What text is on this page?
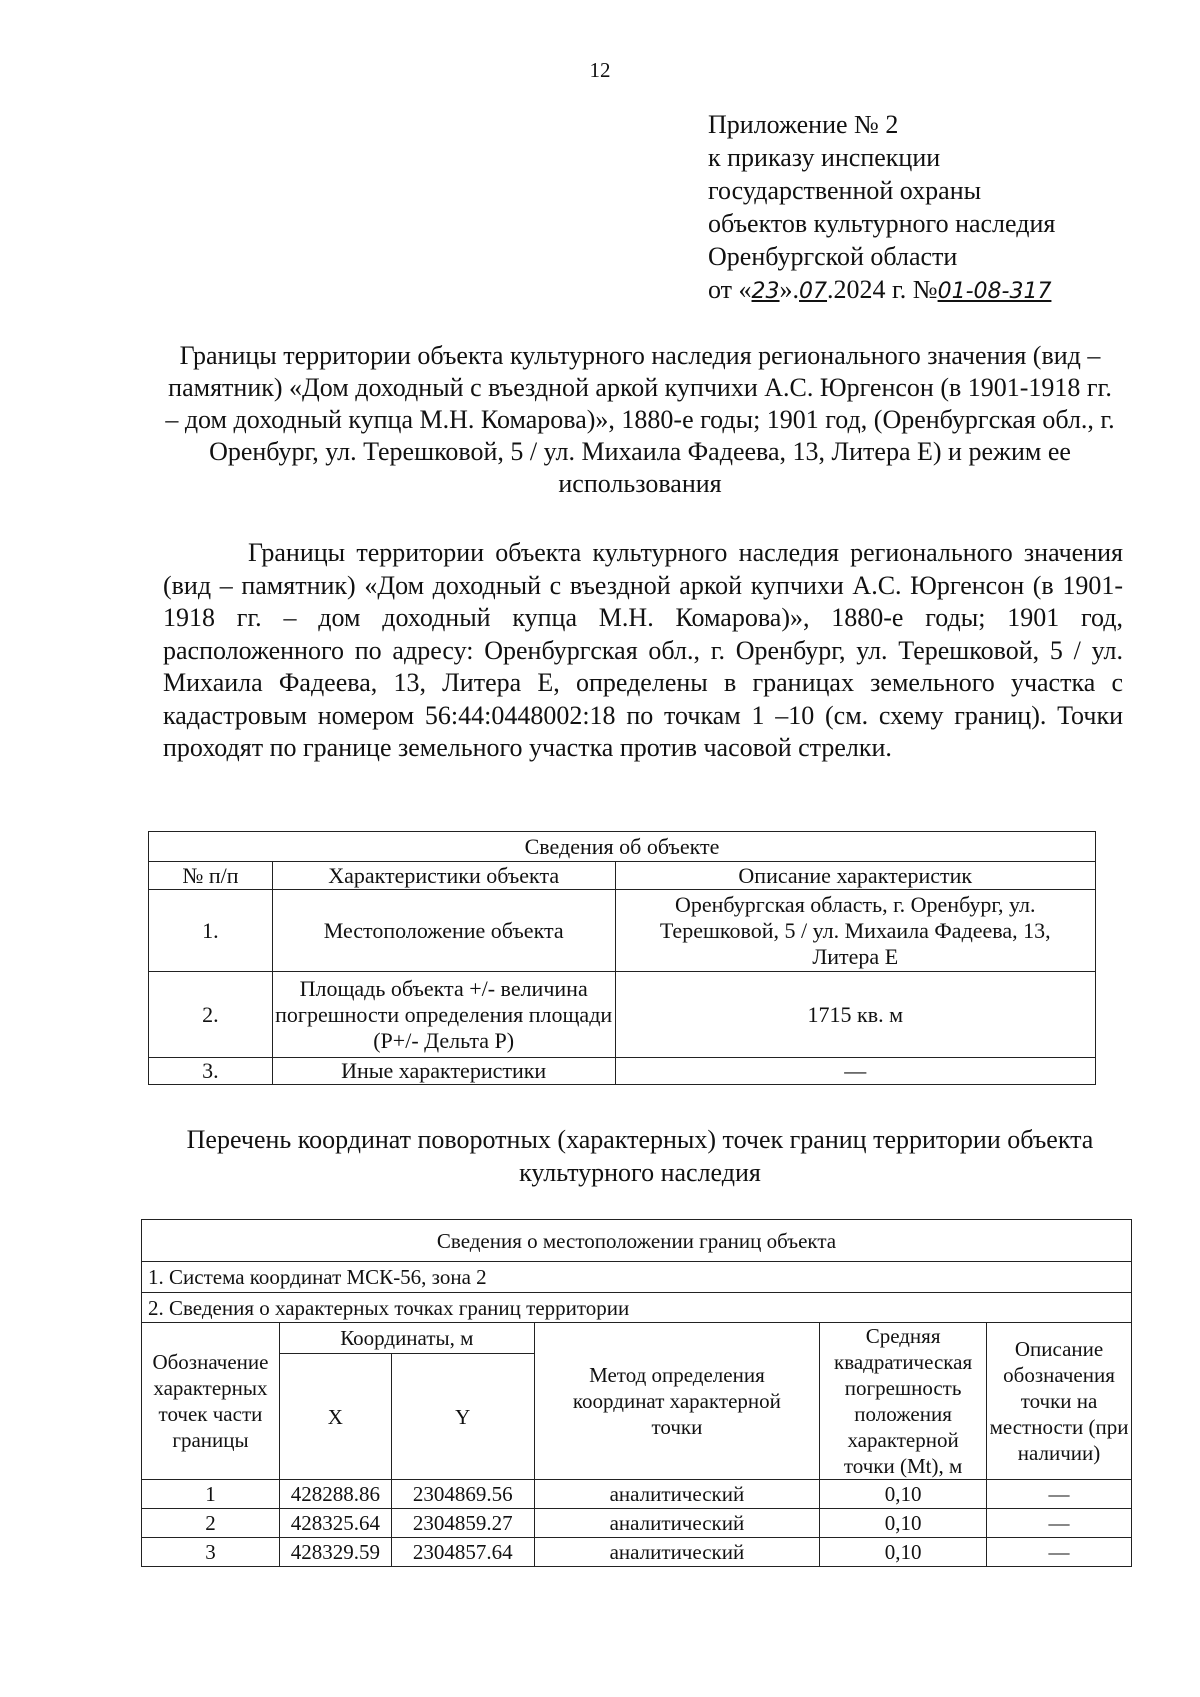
12
Приложение № 2
к приказу инспекции
государственной охраны
объектов культурного наследия
Оренбургской области
от «23».07.2024 г. №01-08-317
Границы территории объекта культурного наследия регионального значения (вид – памятник) «Дом доходный с въездной аркой купчихи А.С. Юргенсон (в 1901-1918 гг. – дом доходный купца М.Н. Комарова)», 1880-е годы; 1901 год, (Оренбургская обл., г. Оренбург, ул. Терешковой, 5 / ул. Михаила Фадеева, 13, Литера Е) и режим ее использования
Границы территории объекта культурного наследия регионального значения (вид – памятник) «Дом доходный с въездной аркой купчихи А.С. Юргенсон (в 1901-1918 гг. – дом доходный купца М.Н. Комарова)», 1880-е годы; 1901 год, расположенного по адресу: Оренбургская обл., г. Оренбург, ул. Терешковой, 5 / ул. Михаила Фадеева, 13, Литера Е, определены в границах земельного участка с кадастровым номером 56:44:0448002:18 по точкам 1 –10 (см. схему границ). Точки проходят по границе земельного участка против часовой стрелки.
Сведения об объекте		
№ п/п	Характеристики объекта	Описание характеристик
1.	Местоположение объекта	Оренбургская область, г. Оренбург, ул. Терешковой, 5 / ул. Михаила Фадеева, 13, Литера Е
2.	Площадь объекта +/- величина погрешности определения площади (Р+/- Дельта Р)	1715 кв. м
3.	Иные характеристики	—
Перечень координат поворотных (характерных) точек границ территории объекта культурного наследия
Сведения о местоположении границ объекта					
1. Система координат МСК-56, зона 2					
2. Сведения о характерных точках границ территории					
Обозначение характерных точек части границы	Координаты, м		Метод определения координат характерной точки	Средняя квадратическая погрешность положения характерной точки (Mt), м	Описание обозначения точки на местности (при наличии)
	X	Y			
1	428288.86	2304869.56	аналитический	0,10	—
2	428325.64	2304859.27	аналитический	0,10	—
3	428329.59	2304857.64	аналитический	0,10	—
